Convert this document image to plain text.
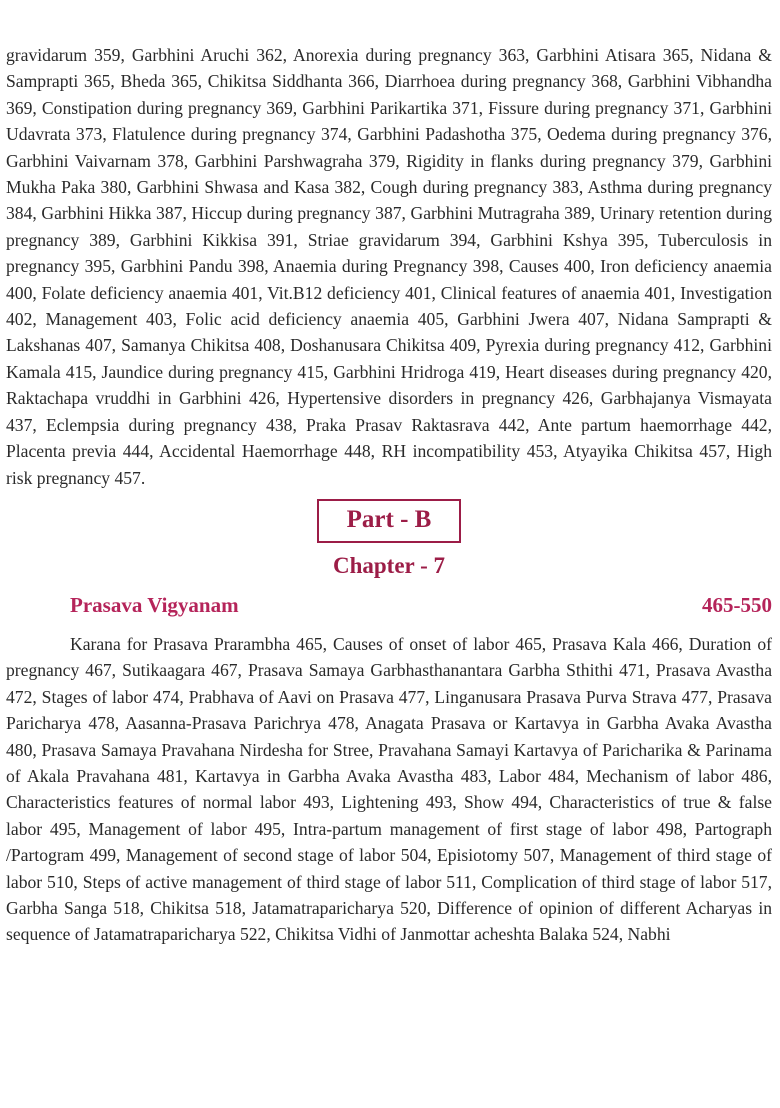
gravidarum 359, Garbhini Aruchi 362, Anorexia during pregnancy 363, Garbhini Atisara 365, Nidana & Samprapti 365, Bheda 365, Chikitsa Siddhanta 366, Diarrhoea during pregnancy 368, Garbhini Vibhandha 369, Constipation during pregnancy 369, Garbhini Parikartika 371, Fissure during pregnancy 371, Garbhini Udavrata 373, Flatulence during pregnancy 374, Garbhini Padashotha 375, Oedema during pregnancy 376, Garbhini Vaivarnam 378, Garbhini Parshwagraha 379, Rigidity in flanks during pregnancy 379, Garbhini Mukha Paka 380, Garbhini Shwasa and Kasa 382, Cough during pregnancy 383, Asthma during pregnancy 384, Garbhini Hikka 387, Hiccup during pregnancy 387, Garbhini Mutragraha 389, Urinary retention during pregnancy 389, Garbhini Kikkisa 391, Striae gravidarum 394, Garbhini Kshya 395, Tuberculosis in pregnancy 395, Garbhini Pandu 398, Anaemia during Pregnancy 398, Causes 400, Iron deficiency anaemia 400, Folate deficiency anaemia 401, Vit.B12 deficiency 401, Clinical features of anaemia 401, Investigation 402, Management 403, Folic acid deficiency anaemia 405, Garbhini Jwera 407, Nidana Samprapti & Lakshanas 407, Samanya Chikitsa 408, Doshanusara Chikitsa 409, Pyrexia during pregnancy 412, Garbhini Kamala 415, Jaundice during pregnancy 415, Garbhini Hridroga 419, Heart diseases during pregnancy 420, Raktachapa vruddhi in Garbhini 426, Hypertensive disorders in pregnancy 426, Garbhajanya Vismayata 437, Eclempsia during pregnancy 438, Praka Prasav Raktasrava 442, Ante partum haemorrhage 442, Placenta previa 444, Accidental Haemorrhage 448, RH incompatibility 453, Atyayika Chikitsa 457, High risk pregnancy 457.

Part - B
Chapter - 7
Prasava Vigyanam	465-550

Karana for Prasava Prarambha 465, Causes of onset of labor 465, Prasava Kala 466, Duration of pregnancy 467, Sutikaagara 467, Prasava Samaya Garbhasthanantara Garbha Sthithi 471, Prasava Avastha 472, Stages of labor 474, Prabhava of Aavi on Prasava 477, Linganusara Prasava Purva Strava 477, Prasava Paricharya 478, Aasanna-Prasava Parichrya 478, Anagata Prasava or Kartavya in Garbha Avaka Avastha 480, Prasava Samaya Pravahana Nirdesha for Stree, Pravahana Samayi Kartavya of Paricharika & Parinama of Akala Pravahana 481, Kartavya in Garbha Avaka Avastha 483, Labor 484, Mechanism of labor 486, Characteristics features of normal labor 493, Lightening 493, Show 494, Characteristics of true & false labor 495, Management of labor 495, Intra-partum management of first stage of labor 498, Partograph /Partogram 499, Management of second stage of labor 504, Episiotomy 507, Management of third stage of labor 510, Steps of active management of third stage of labor 511, Complication of third stage of labor 517, Garbha Sanga 518, Chikitsa 518, Jatamatraparicharya 520, Difference of opinion of different Acharyas in sequence of Jatamatraparicharya 522, Chikitsa Vidhi of Janmottar acheshta Balaka 524, Nabhi
